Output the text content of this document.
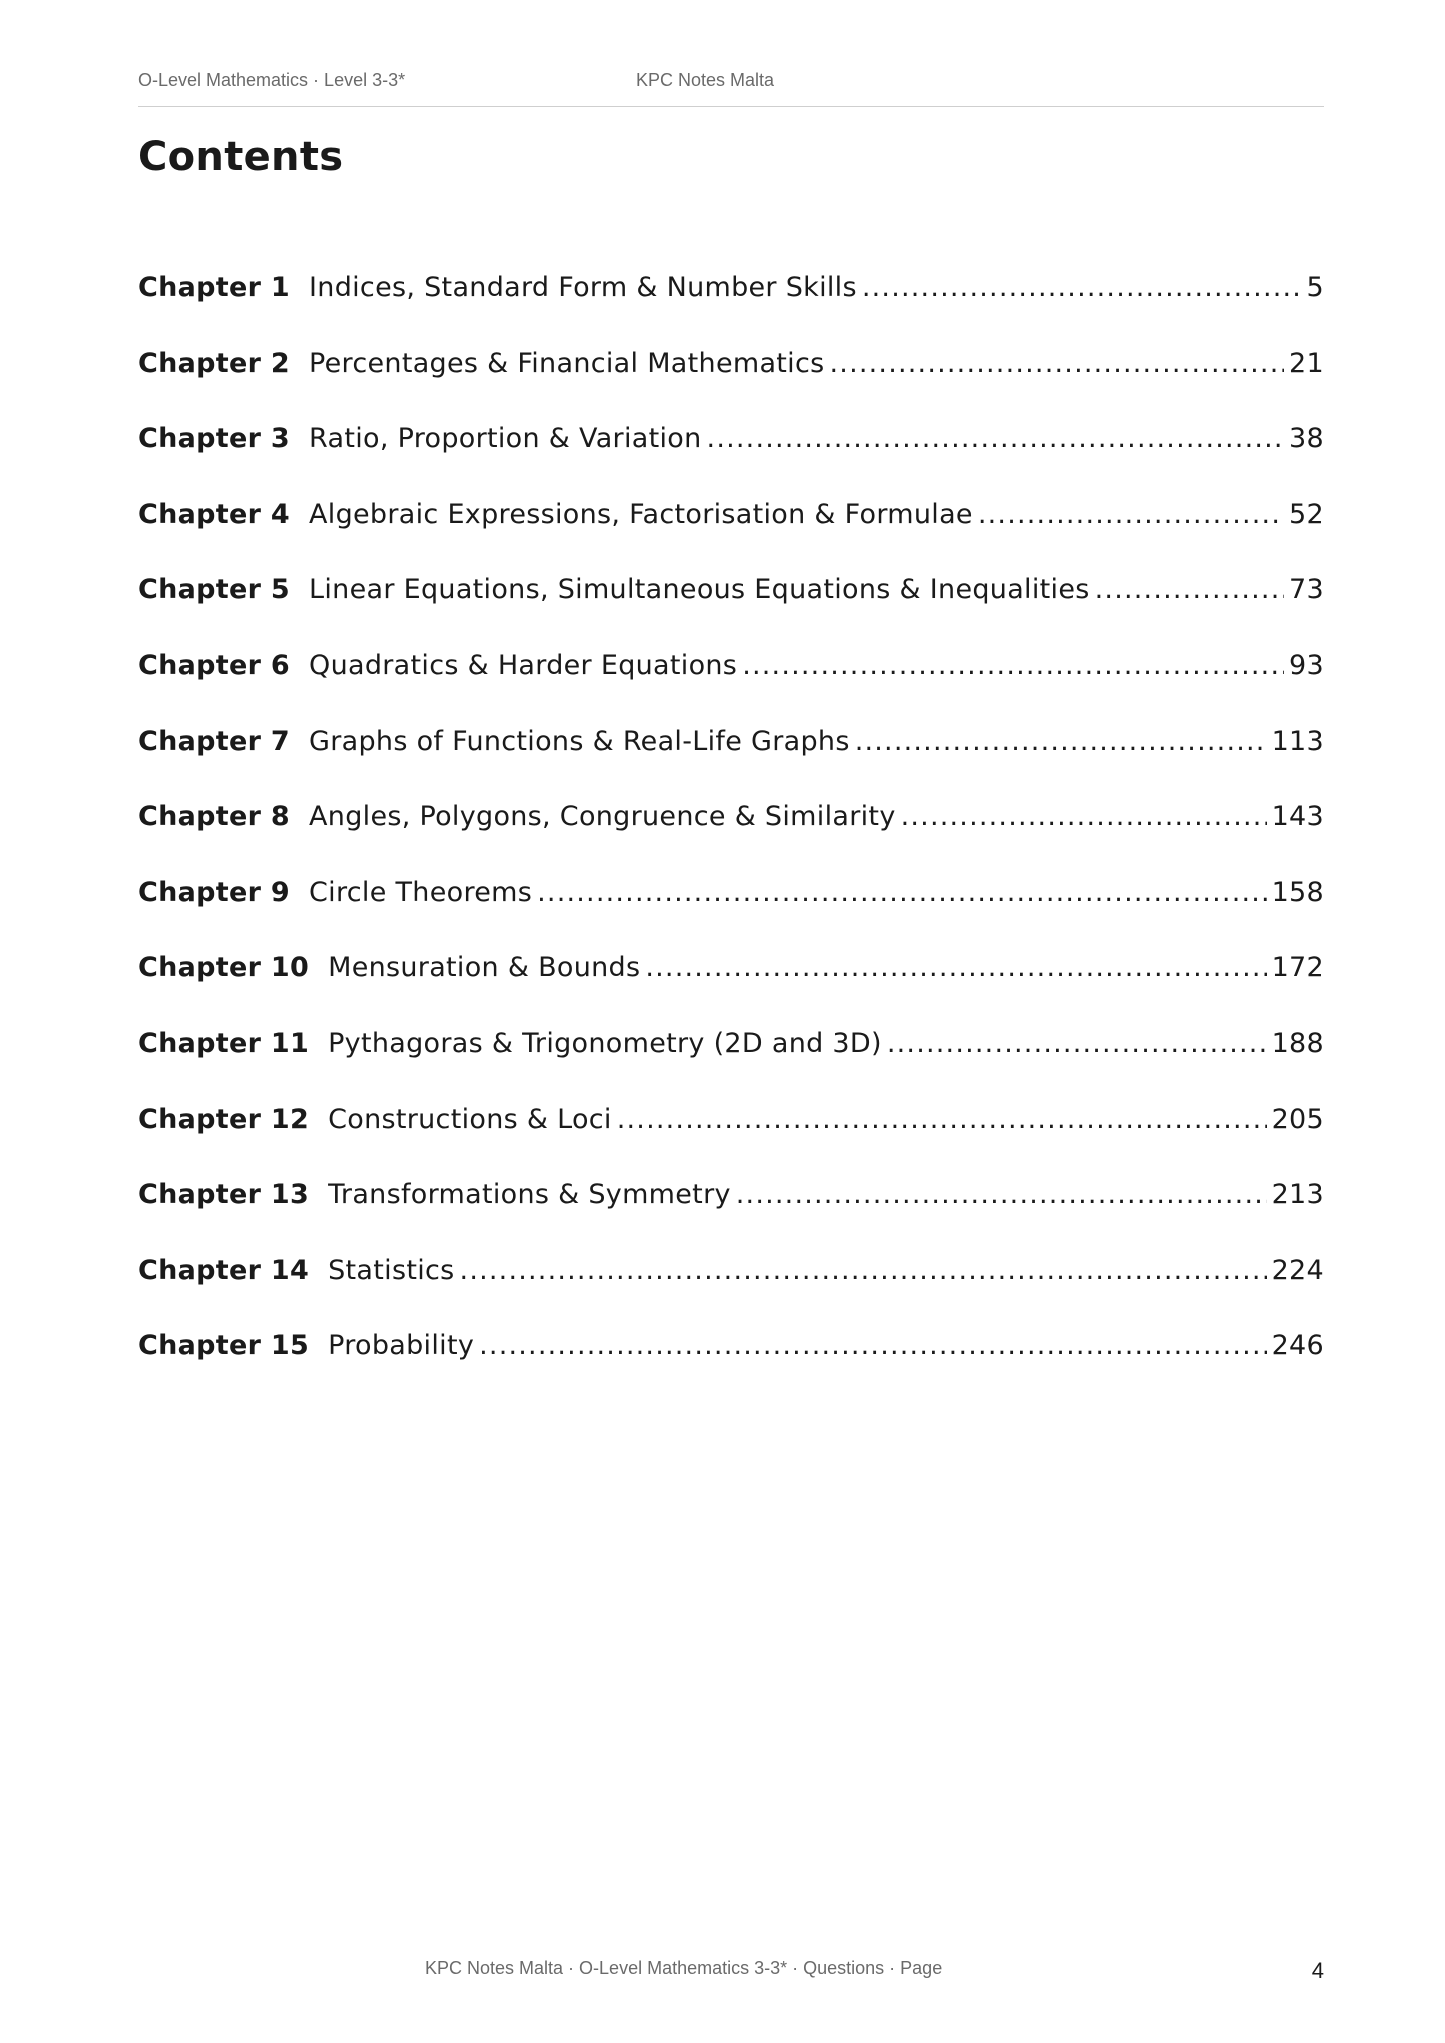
O-Level Mathematics · Level 3-3*	KPC Notes Malta
Contents
Chapter 1 Indices, Standard Form & Number Skills .....	5
Chapter 2 Percentages & Financial Mathematics .....	21
Chapter 3 Ratio, Proportion & Variation .....	38
Chapter 4 Algebraic Expressions, Factorisation & Formulae .....	52
Chapter 5 Linear Equations, Simultaneous Equations & Inequalities .....	73
Chapter 6 Quadratics & Harder Equations .....	93
Chapter 7 Graphs of Functions & Real-Life Graphs .....	113
Chapter 8 Angles, Polygons, Congruence & Similarity .....	143
Chapter 9 Circle Theorems .....	158
Chapter 10 Mensuration & Bounds .....	172
Chapter 11 Pythagoras & Trigonometry (2D and 3D) .....	188
Chapter 12 Constructions & Loci .....	205
Chapter 13 Transformations & Symmetry .....	213
Chapter 14 Statistics .....	224
Chapter 15 Probability .....	246
KPC Notes Malta · O-Level Mathematics 3-3* · Questions · Page	4
